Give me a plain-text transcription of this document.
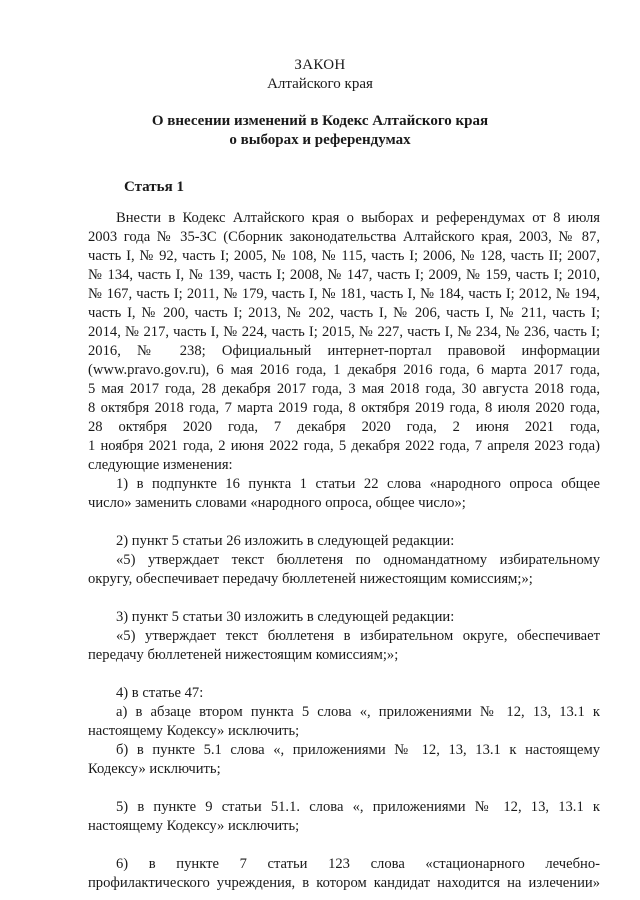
ЗАКОН
Алтайского края
О внесении изменений в Кодекс Алтайского края
о выборах и референдумах
Статья 1
Внести в Кодекс Алтайского края о выборах и референдумах от 8 июля
2003 года № 35-ЗС (Сборник законодательства Алтайского края, 2003, № 87,
часть I, № 92, часть I; 2005, № 108, № 115, часть I; 2006, № 128, часть II; 2007,
№ 134, часть I, № 139, часть I; 2008, № 147, часть I; 2009, № 159, часть I; 2010,
№ 167, часть I; 2011, № 179, часть I, № 181, часть I, № 184, часть I; 2012, № 194,
часть I, № 200, часть I; 2013, № 202, часть I, № 206, часть I, № 211, часть I;
2014, № 217, часть I, № 224, часть I; 2015, № 227, часть I, № 234, № 236, часть I;
2016, № 238; Официальный интернет-портал правовой информации
(www.pravo.gov.ru), 6 мая 2016 года, 1 декабря 2016 года, 6 марта 2017 года,
5 мая 2017 года, 28 декабря 2017 года, 3 мая 2018 года, 30 августа 2018 года,
8 октября 2018 года, 7 марта 2019 года, 8 октября 2019 года, 8 июля 2020 года,
28 октября 2020 года, 7 декабря 2020 года, 2 июня 2021 года,
1 ноября 2021 года, 2 июня 2022 года, 5 декабря 2022 года, 7 апреля 2023 года)
следующие изменения:
1) в подпункте 16 пункта 1 статьи 22 слова «народного опроса общее
число» заменить словами «народного опроса, общее число»;
2) пункт 5 статьи 26 изложить в следующей редакции:
«5) утверждает текст бюллетеня по одномандатному избирательному
округу, обеспечивает передачу бюллетеней нижестоящим комиссиям;»;
3) пункт 5 статьи 30 изложить в следующей редакции:
«5) утверждает текст бюллетеня в избирательном округе, обеспечивает
передачу бюллетеней нижестоящим комиссиям;»;
4) в статье 47:
а) в абзаце втором пункта 5 слова «, приложениями № 12, 13, 13.1 к
настоящему Кодексу» исключить;
б) в пункте 5.1 слова «, приложениями № 12, 13, 13.1 к настоящему
Кодексу» исключить;
5) в пункте 9 статьи 51.1. слова «, приложениями № 12, 13, 13.1 к
настоящему Кодексу» исключить;
6) в пункте 7 статьи 123 слова «стационарного лечебно-
профилактического учреждения, в котором кандидат находится на излечении»
